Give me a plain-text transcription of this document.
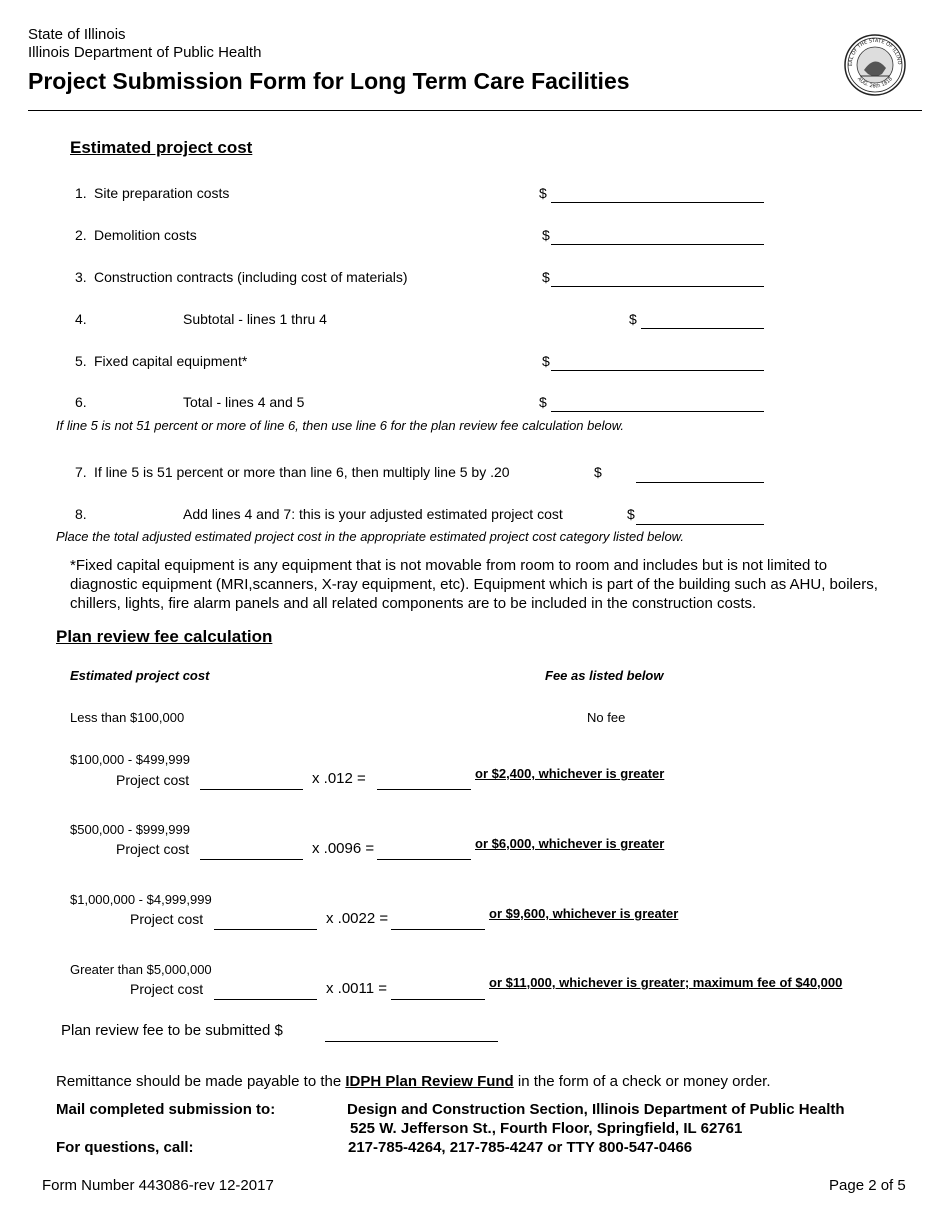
State of Illinois
Illinois Department of Public Health
Project Submission Form for Long Term Care Facilities
EAL OF THE STATE OF ILLINO
AUG. 26th 1818
Estimated project cost
1. Site preparation costs	$
2. Demolition costs	$
3. Construction contracts (including cost of materials)	$
4.	Subtotal - lines 1 thru 4	$
5. Fixed capital equipment*	$
6.	Total - lines 4 and 5	$
If line 5 is not 51 percent or more of line 6, then use line 6 for the plan review fee calculation below.
7. If line 5 is 51 percent or more than line 6, then multiply line 5 by .20	$
8.	Add lines 4 and 7: this is your adjusted estimated project cost	$
Place the total adjusted estimated project cost in the appropriate estimated project cost category listed below.
*Fixed capital equipment is any equipment that is not movable from room to room and includes but is not limited to
diagnostic equipment (MRI,scanners, X-ray equipment, etc). Equipment which is part of the building such as AHU, boilers,
chillers, lights, fire alarm panels and all related components are to be included in the construction costs.
Plan review fee calculation
Estimated project cost	Fee as listed below
Less than $100,000	No fee
$100,000 - $499,999
Project cost	x .012 =	or $2,400, whichever is greater
$500,000 - $999,999
Project cost	x .0096 =	or $6,000, whichever is greater
$1,000,000 - $4,999,999
Project cost	x .0022 =	or $9,600, whichever is greater
Greater than $5,000,000
Project cost	x .0011 =	or $11,000, whichever is greater; maximum fee of $40,000
Plan review fee to be submitted $
Remittance should be made payable to the IDPH Plan Review Fund in the form of a check or money order.
Mail completed submission to:	Design and Construction Section, Illinois Department of Public Health
525 W. Jefferson St., Fourth Floor, Springfield, IL 62761
For questions, call:	217-785-4264, 217-785-4247 or TTY 800-547-0466
Form Number 443086-rev 12-2017	Page 2 of 5
